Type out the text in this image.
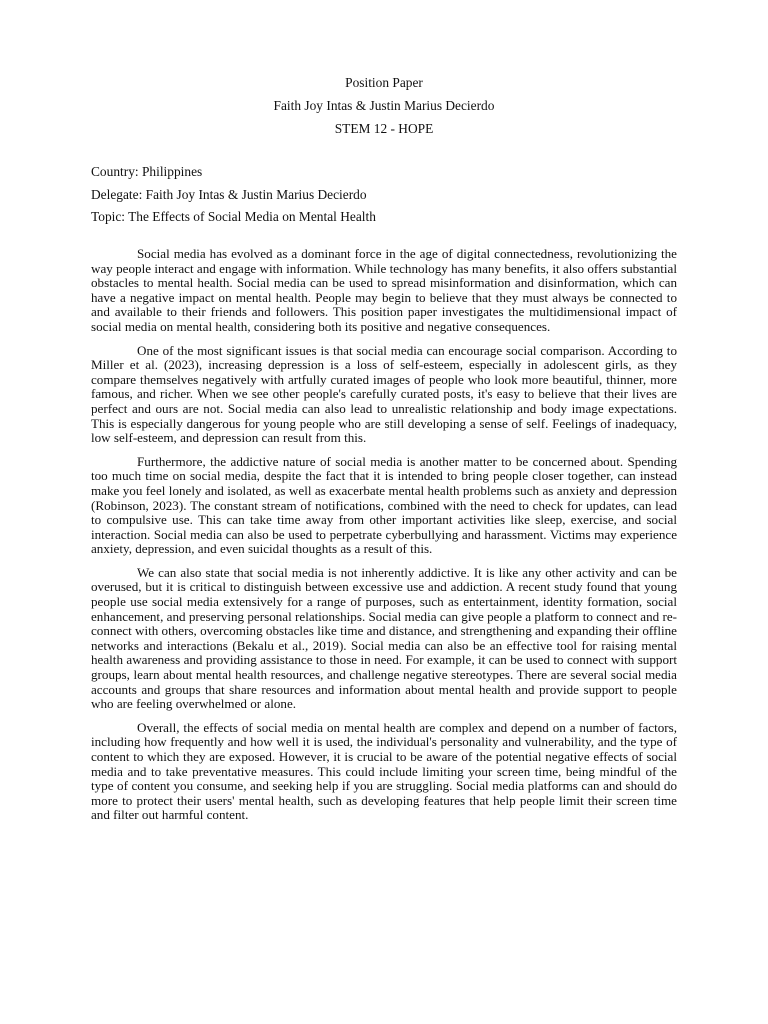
Position Paper
Faith Joy Intas & Justin Marius Decierdo
STEM 12 - HOPE
Country: Philippines
Delegate: Faith Joy Intas & Justin Marius Decierdo
Topic: The Effects of Social Media on Mental Health

Social media has evolved as a dominant force in the age of digital connectedness, revolutionizing the way people interact and engage with information. While technology has many benefits, it also offers substantial obstacles to mental health. Social media can be used to spread misinformation and disinformation, which can have a negative impact on mental health. People may begin to believe that they must always be connected to and available to their friends and followers. This position paper investigates the multidimensional impact of social media on mental health, considering both its positive and negative consequences.

One of the most significant issues is that social media can encourage social comparison. According to Miller et al. (2023), increasing depression is a loss of self-esteem, especially in adolescent girls, as they compare themselves negatively with artfully curated images of people who look more beautiful, thinner, more famous, and richer. When we see other people's carefully curated posts, it's easy to believe that their lives are perfect and ours are not. Social media can also lead to unrealistic relationship and body image expectations. This is especially dangerous for young people who are still developing a sense of self. Feelings of inadequacy, low self-esteem, and depression can result from this.

Furthermore, the addictive nature of social media is another matter to be concerned about. Spending too much time on social media, despite the fact that it is intended to bring people closer together, can instead make you feel lonely and isolated, as well as exacerbate mental health problems such as anxiety and depression (Robinson, 2023). The constant stream of notifications, combined with the need to check for updates, can lead to compulsive use. This can take time away from other important activities like sleep, exercise, and social interaction. Social media can also be used to perpetrate cyberbullying and harassment. Victims may experience anxiety, depression, and even suicidal thoughts as a result of this.

We can also state that social media is not inherently addictive. It is like any other activity and can be overused, but it is critical to distinguish between excessive use and addiction. A recent study found that young people use social media extensively for a range of purposes, such as entertainment, identity formation, social enhancement, and preserving personal relationships. Social media can give people a platform to connect and re-connect with others, overcoming obstacles like time and distance, and strengthening and expanding their offline networks and interactions (Bekalu et al., 2019). Social media can also be an effective tool for raising mental health awareness and providing assistance to those in need. For example, it can be used to connect with support groups, learn about mental health resources, and challenge negative stereotypes. There are several social media accounts and groups that share resources and information about mental health and provide support to people who are feeling overwhelmed or alone.

Overall, the effects of social media on mental health are complex and depend on a number of factors, including how frequently and how well it is used, the individual's personality and vulnerability, and the type of content to which they are exposed. However, it is crucial to be aware of the potential negative effects of social media and to take preventative measures. This could include limiting your screen time, being mindful of the type of content you consume, and seeking help if you are struggling. Social media platforms can and should do more to protect their users' mental health, such as developing features that help people limit their screen time and filter out harmful content.
